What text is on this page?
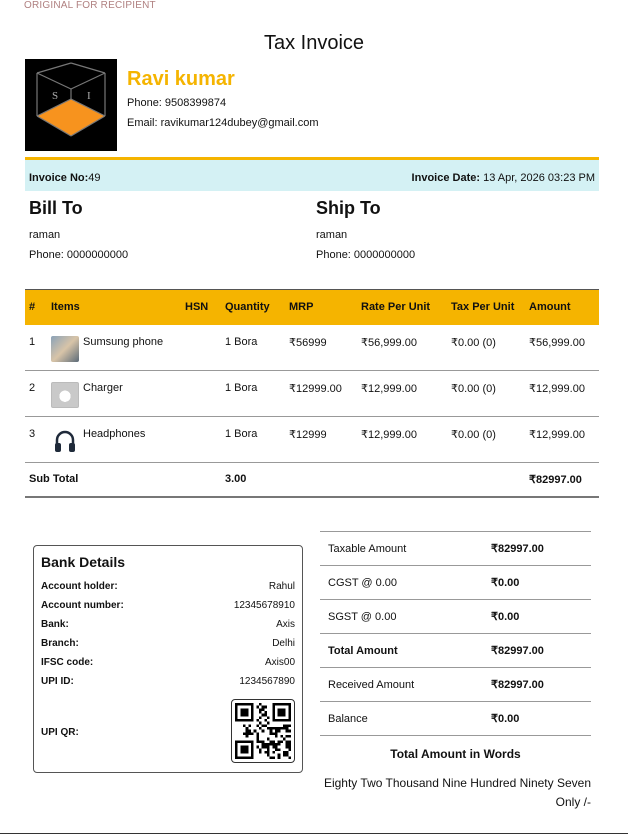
ORIGINAL FOR RECIPIENT
Tax Invoice
S	I
Ravi kumar
Phone: 9508399874
Email: ravikumar124dubey@gmail.com
Invoice No:49	Invoice Date: 13 Apr, 2026 03:23 PM
Bill To
raman
Phone: 0000000000
Ship To
raman
Phone: 0000000000
#	Items	HSN	Quantity	MRP	Rate Per Unit	Tax Per Unit	Amount
1	Sumsung phone		1 Bora	₹56999	₹56,999.00	₹0.00 (0)	₹56,999.00
2	Charger		1 Bora	₹12999.00	₹12,999.00	₹0.00 (0)	₹12,999.00
3	Headphones		1 Bora	₹12999	₹12,999.00	₹0.00 (0)	₹12,999.00
Sub Total			3.00				₹82997.00
Bank Details
Account holder:	Rahul
Account number:	12345678910
Bank:	Axis
Branch:	Delhi
IFSC code:	Axis00
UPI ID:	1234567890
UPI QR:
Taxable Amount	₹82997.00
CGST @ 0.00	₹0.00
SGST @ 0.00	₹0.00
Total Amount	₹82997.00
Received Amount	₹82997.00
Balance	₹0.00
Total Amount in Words
Eighty Two Thousand Nine Hundred Ninety Seven Only /-
